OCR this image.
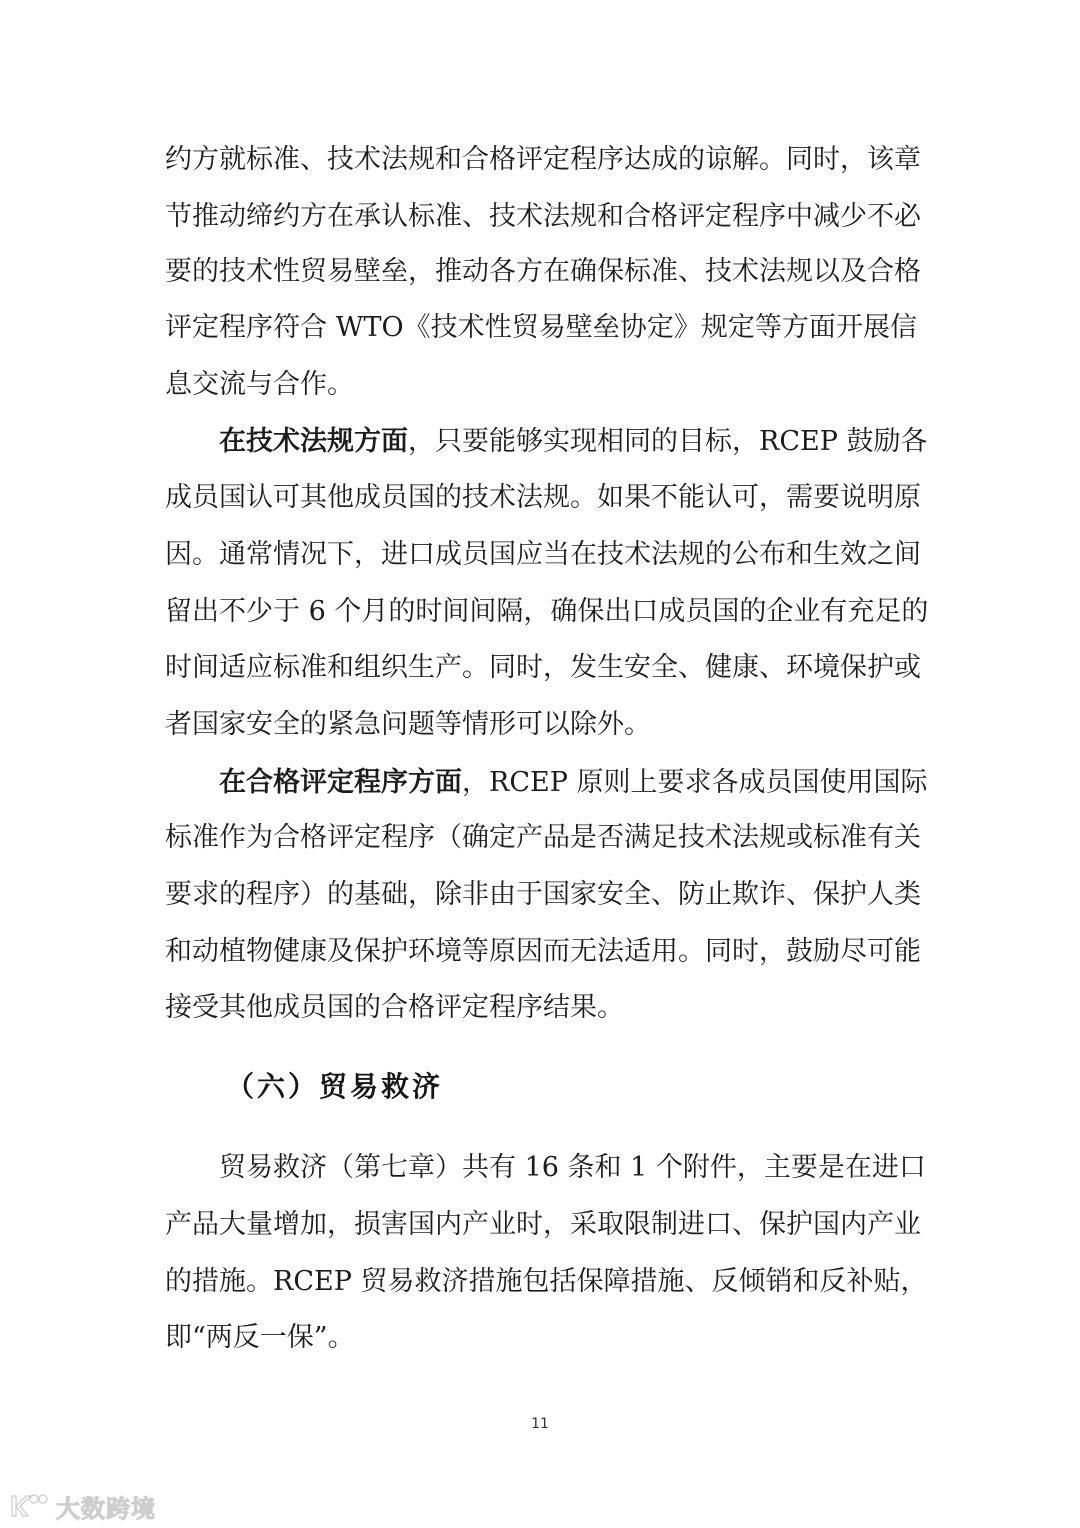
约方就标准、技术法规和合格评定程序达成的谅解。同时，该章
节推动缔约方在承认标准、技术法规和合格评定程序中减少不必
要的技术性贸易壁垒，推动各方在确保标准、技术法规以及合格
评定程序符合 WTO《技术性贸易壁垒协定》规定等方面开展信
息交流与合作。
在技术法规方面，只要能够实现相同的目标，RCEP 鼓励各
成员国认可其他成员国的技术法规。如果不能认可，需要说明原
因。通常情况下，进口成员国应当在技术法规的公布和生效之间
留出不少于 6 个月的时间间隔，确保出口成员国的企业有充足的
时间适应标准和组织生产。同时，发生安全、健康、环境保护或
者国家安全的紧急问题等情形可以除外。
在合格评定程序方面，RCEP 原则上要求各成员国使用国际
标准作为合格评定程序（确定产品是否满足技术法规或标准有关
要求的程序）的基础，除非由于国家安全、防止欺诈、保护人类
和动植物健康及保护环境等原因而无法适用。同时，鼓励尽可能
接受其他成员国的合格评定程序结果。
（六）贸易救济
贸易救济（第七章）共有 16 条和 1 个附件，主要是在进口
产品大量增加，损害国内产业时，采取限制进口、保护国内产业
的措施。RCEP 贸易救济措施包括保障措施、反倾销和反补贴，
即“两反一保”。
11
大数跨境
